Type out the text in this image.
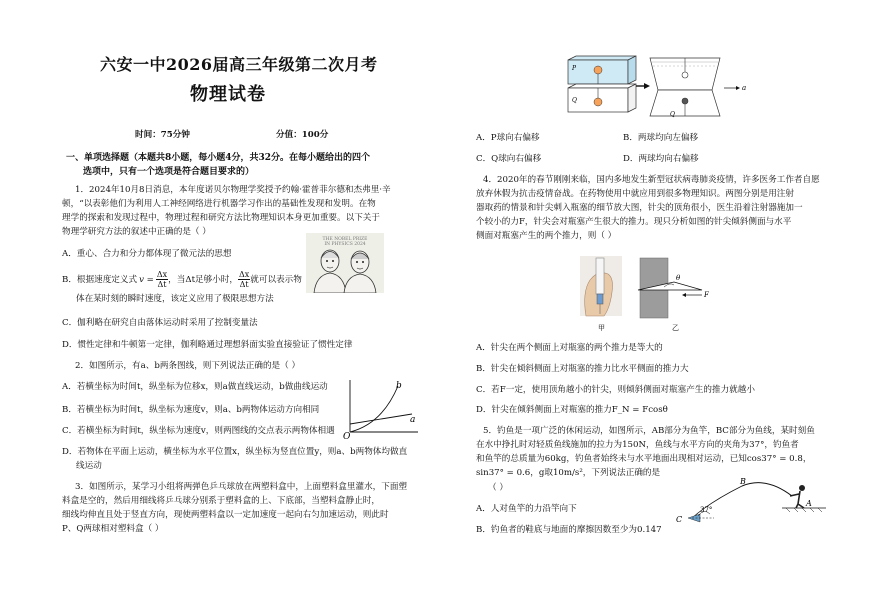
六安一中2026届高三年级第二次月考
物理试卷
时间：75分钟	分值：100分
一、单项选择题（本题共8小题，每小题4分，共32分。在每小题给出的四个
选项中，只有一个选项是符合题目要求的）
1．2024年10月8日消息，本年度诺贝尔物理学奖授予约翰·霍普菲尔德和杰弗里·辛
顿，“以表彰他们为利用人工神经网络进行机器学习作出的基础性发现和发明。在物
理学的探索和发现过程中，物理过程和研究方法比物理知识本身更加重要。以下关于
物理学研究方法的叙述中正确的是（ ）
THE NOBEL PRIZE
IN PHYSICS 2024
A．重心、合力和分力都体现了微元法的思想
B．根据速度定义式 $v = \frac{\Delta x}{\Delta t}$ ，当Δt足够小时， $\frac{\Delta x}{\Delta t}$ 就可以表示物
体在某时刻的瞬时速度，该定义应用了极限思想方法
C．伽利略在研究自由落体运动时采用了控制变量法
D．惯性定律和牛顿第一定律，伽利略通过理想斜面实验直接验证了惯性定律
2．如图所示，有a、b两条图线，则下列说法正确的是（ ）
A．若横坐标为时间t，纵坐标为位移x，则a做直线运动，b做曲线运动
B．若横坐标为时间t，纵坐标为速度v，则a、b两物体运动方向相同
C．若横坐标为时间t，纵坐标为速度v，则两图线的交点表示两物体相遇
D．若物体在平面上运动，横坐标为水平位置x，纵坐标为竖直位置y，则a、b两物体均做直
线运动
a
b
O
3．如图所示，某学习小组将两弹色乒乓球放在两塑料盒中，上面塑料盒里灌水，下面塑
料盒是空的，然后用细线将乒乓球分别系于塑料盒的上、下底部，当塑料盒静止时，
细线均伸直且处于竖直方向，现使两塑料盒以一定加速度一起向右匀加速运动，则此时
P、Q两球相对塑料盒（ ）
P
Q
Q
a
A．P球向右偏移	B．两球均向左偏移
C．Q球向右偏移	D．两球均向右偏移
4．2020年的春节刚刚来临，国内多地发生新型冠状病毒肺炎疫情，许多医务工作者自愿
放弃休假为抗击疫情奋战。在药物使用中就应用到很多物理知识。两图分别是用注射
器取药的情景和针尖刺入瓶塞的细节放大图，针尖的顶角很小，医生沿着注射器施加一
个较小的力F，针尖会对瓶塞产生很大的推力。现只分析如图的针尖倾斜侧面与水平
侧面对瓶塞产生的两个推力，则（ ）
甲
θ
F
乙
A．针尖在两个侧面上对瓶塞的两个推力是等大的
B．针尖在倾斜侧面上对瓶塞的推力比水平侧面的推力大
C．若F一定，使用顶角越小的针尖，则倾斜侧面对瓶塞产生的推力就越小
D．针尖在倾斜侧面上对瓶塞的推力F_N = Fcosθ
5．钓鱼是一项广泛的休闲运动，如图所示，AB部分为鱼竿，BC部分为鱼线，某时刻鱼
在水中挣扎时对轻质鱼线施加的拉力为150N，鱼线与水平方向的夹角为37°，钓鱼者
和鱼竿的总质量为60kg，钓鱼者始终未与水平地面出现相对运动，已知cos37° = 0.8，
sin37° = 0.6，g取10m/s²，下列说法正确的是
（ ）
A
B
C
37°
A．人对鱼竿的力沿竿向下
B．钓鱼者的鞋底与地面的摩擦因数至少为0.147
